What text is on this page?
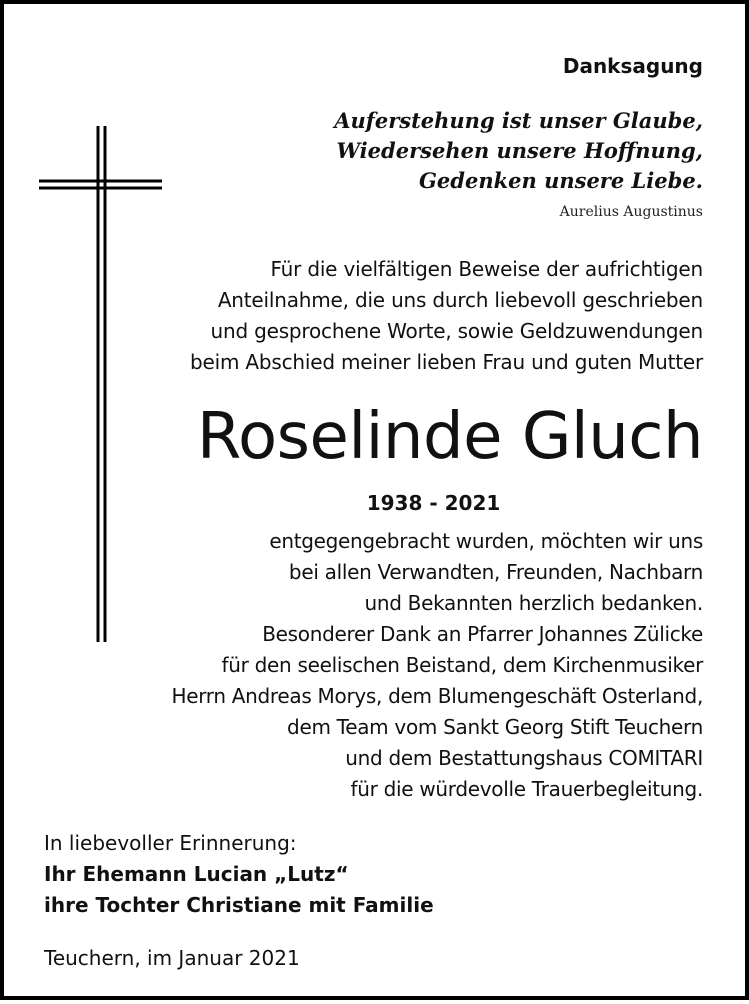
Danksagung
Auferstehung ist unser Glaube,
Wiedersehen unsere Hoffnung,
Gedenken unsere Liebe.
Aurelius Augustinus
Für die vielfältigen Beweise der aufrichtigen
Anteilnahme, die uns durch liebevoll geschrieben
und gesprochene Worte, sowie Geldzuwendungen
beim Abschied meiner lieben Frau und guten Mutter
Roselinde Gluch
1938 - 2021
entgegengebracht wurden, möchten wir uns
bei allen Verwandten, Freunden, Nachbarn
und Bekannten herzlich bedanken.
Besonderer Dank an Pfarrer Johannes Zülicke
für den seelischen Beistand, dem Kirchenmusiker
Herrn Andreas Morys, dem Blumengeschäft Osterland,
dem Team vom Sankt Georg Stift Teuchern
und dem Bestattungshaus COMITARI
für die würdevolle Trauerbegleitung.
In liebevoller Erinnerung:
Ihr Ehemann Lucian „Lutz“
ihre Tochter Christiane mit Familie
Teuchern, im Januar 2021
